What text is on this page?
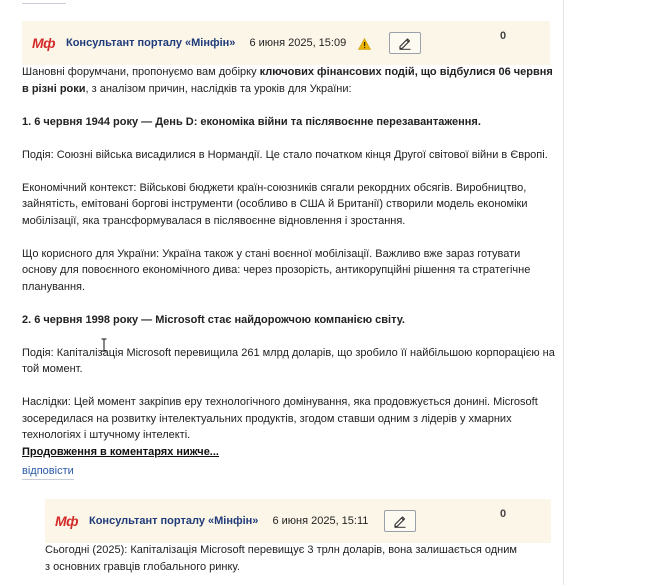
Мф Консультант порталу «Мінфін» 6 июня 2025, 15:09
0

Шановні форумчани, пропонуємо вам добірку ключових фінансових подій, що відбулися 06 червня в різні роки, з аналізом причин, наслідків та уроків для України:

1. 6 червня 1944 року — День D: економіка війни та післявоєнне перезавантаження.

Подія: Союзні війська висадилися в Нормандії. Це стало початком кінця Другої світової війни в Європі.

Економічний контекст: Військові бюджети країн-союзників сягали рекордних обсягів. Виробництво, зайнятість, емітовані боргові інструменти (особливо в США й Британії) створили модель економіки мобілізації, яка трансформувалася в післявоєнне відновлення і зростання.

Що корисного для України: Україна також у стані воєнної мобілізації. Важливо вже зараз готувати основу для повоєнного економічного дива: через прозорість, антикорупційні рішення та стратегічне планування.

2. 6 червня 1998 року — Microsoft стає найдорожчою компанією світу.

Подія: Капіталізація Microsoft перевищила 261 млрд доларів, що зробило її найбільшою корпорацією на той момент.

Наслідки: Цей момент закріпив еру технологічного домінування, яка продовжується донині. Microsoft зосередилася на розвитку інтелектуальних продуктів, згодом ставши одним з лідерів у хмарних технологіях і штучному інтелекті.

Продовження в коментарях нижче...
відповісти
Мф Консультант порталу «Мінфін» 6 июня 2025, 15:11
0
Сьогодні (2025): Капіталізація Microsoft перевищує 3 трлн доларів, вона залишається одним
з основних гравців глобального ринку.
